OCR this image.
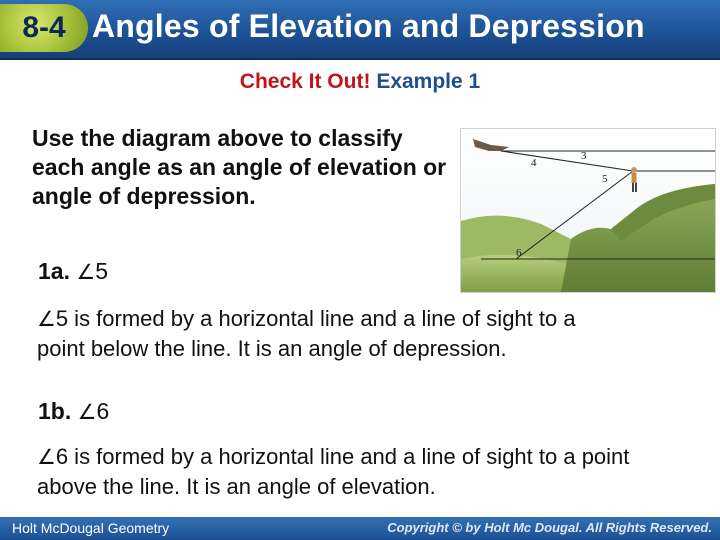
8-4 Angles of Elevation and Depression
Check It Out! Example 1
Use the diagram above to classify each angle as an angle of elevation or angle of depression.
4
3
5
6
1a. ∠5
∠5 is formed by a horizontal line and a line of sight to a point below the line. It is an angle of depression.
1b. ∠6
∠6 is formed by a horizontal line and a line of sight to a point above the line. It is an angle of elevation.
Holt McDougal Geometry	Copyright © by Holt Mc Dougal. All Rights Reserved.
